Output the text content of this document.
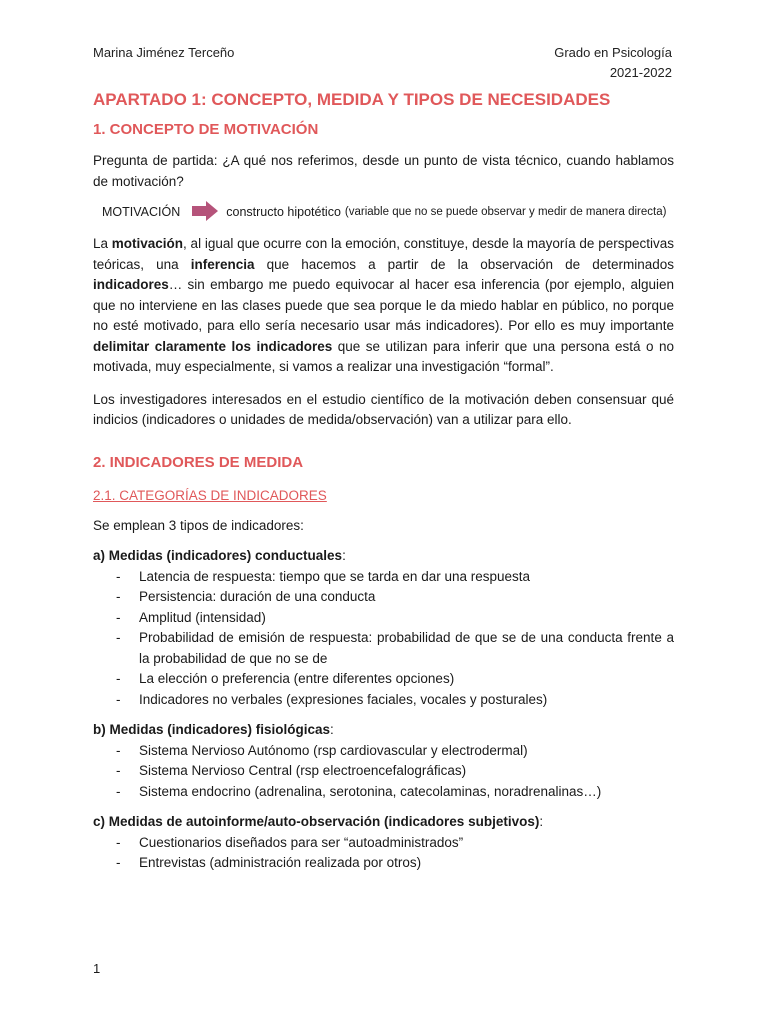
Marina Jiménez Terceño	Grado en Psicología
2021-2022
APARTADO 1: CONCEPTO, MEDIDA Y TIPOS DE NECESIDADES
1. CONCEPTO DE MOTIVACIÓN

Pregunta de partida: ¿A qué nos referimos, desde un punto de vista técnico, cuando hablamos de motivación?

MOTIVACIÓN	constructo hipotético (variable que no se puede observar y medir de manera directa)

La motivación, al igual que ocurre con la emoción, constituye, desde la mayoría de perspectivas teóricas, una inferencia que hacemos a partir de la observación de determinados indicadores… sin embargo me puedo equivocar al hacer esa inferencia (por ejemplo, alguien que no interviene en las clases puede que sea porque le da miedo hablar en público, no porque no esté motivado, para ello sería necesario usar más indicadores). Por ello es muy importante delimitar claramente los indicadores que se utilizan para inferir que una persona está o no motivada, muy especialmente, si vamos a realizar una investigación “formal”.

Los investigadores interesados en el estudio científico de la motivación deben consensuar qué indicios (indicadores o unidades de medida/observación) van a utilizar para ello.

2. INDICADORES DE MEDIDA
2.1. CATEGORÍAS DE INDICADORES

Se emplean 3 tipos de indicadores:

a) Medidas (indicadores) conductuales:

- Latencia de respuesta: tiempo que se tarda en dar una respuesta
- Persistencia: duración de una conducta
- Amplitud (intensidad)
- Probabilidad de emisión de respuesta: probabilidad de que se de una conducta frente a la probabilidad de que no se de
- La elección o preferencia (entre diferentes opciones)
- Indicadores no verbales (expresiones faciales, vocales y posturales)

b) Medidas (indicadores) fisiológicas:

- Sistema Nervioso Autónomo (rsp cardiovascular y electrodermal)
- Sistema Nervioso Central (rsp electroencefalográficas)
- Sistema endocrino (adrenalina, serotonina, catecolaminas, noradrenalinas…)

c) Medidas de autoinforme/auto-observación (indicadores subjetivos):

- Cuestionarios diseñados para ser “autoadministrados”
- Entrevistas (administración realizada por otros)
1
